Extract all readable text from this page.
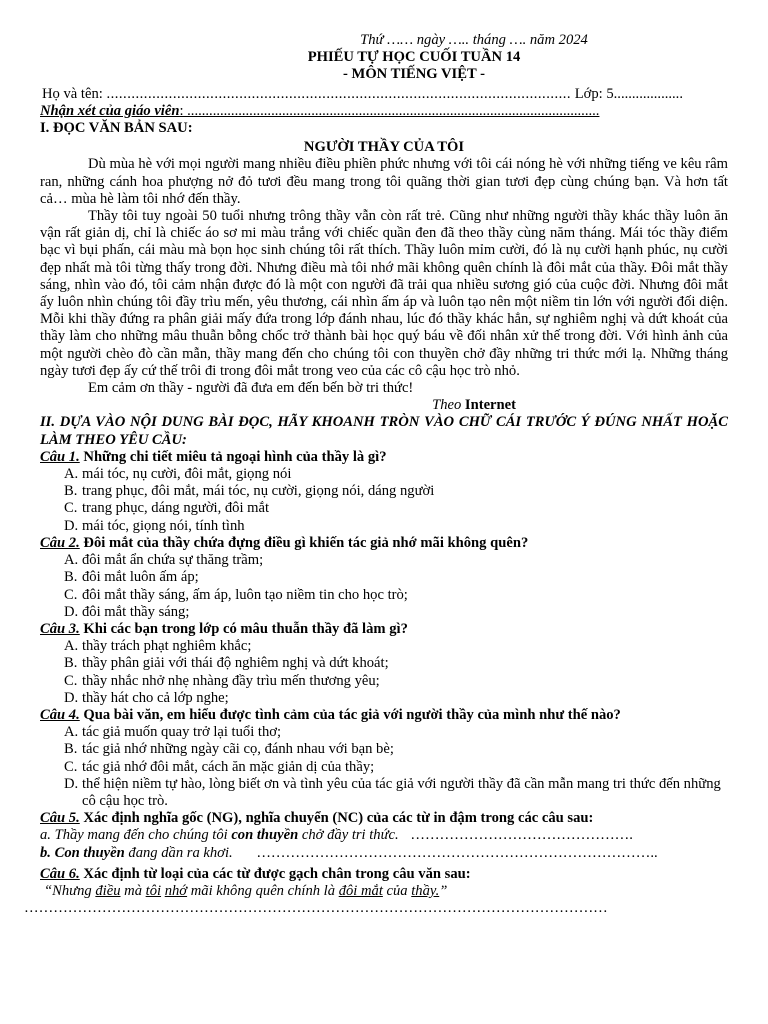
Thứ …… ngày ….. tháng …. năm 2024
PHIẾU TỰ HỌC CUỐI TUẦN 14
- MÔN TIẾNG VIỆT -
Họ và tên: ................................................................................................................ Lớp: 5...................
Nhận xét của giáo viên: .................................................................................................................
I. ĐỌC VĂN BẢN SAU:
NGƯỜI THẦY CỦA TÔI

Dù mùa hè với mọi người mang nhiều điều phiền phức nhưng với tôi cái nóng hè với những tiếng ve kêu râm ran, những cánh hoa phượng nở đỏ tươi đều mang trong tôi quãng thời gian tươi đẹp cùng chúng bạn. Và hơn tất cả… mùa hè làm tôi nhớ đến thầy.

Thầy tôi tuy ngoài 50 tuổi nhưng trông thầy vẫn còn rất trẻ. Cũng như những người thầy khác thầy luôn ăn vận rất giản dị, chỉ là chiếc áo sơ mi màu trắng với chiếc quần đen đã theo thầy cùng năm tháng. Mái tóc thầy điểm bạc vì bụi phấn, cái màu mà bọn học sinh chúng tôi rất thích. Thầy luôn mỉm cười, đó là nụ cười hạnh phúc, nụ cười đẹp nhất mà tôi từng thấy trong đời. Nhưng điều mà tôi nhớ mãi không quên chính là đôi mắt của thầy. Đôi mắt thầy sáng, nhìn vào đó, tôi cảm nhận được đó là một con người đã trải qua nhiều sương gió của cuộc đời. Nhưng đôi mắt ấy luôn nhìn chúng tôi đầy trìu mến, yêu thương, cái nhìn ấm áp và luôn tạo nên một niềm tin lớn với người đối diện. Mỗi khi thầy đứng ra phân giải mấy đứa trong lớp đánh nhau, lúc đó thầy khác hẳn, sự nghiêm nghị và dứt khoát của thầy làm cho những mâu thuẫn bỗng chốc trở thành bài học quý báu về đối nhân xử thế trong đời. Với hình ảnh của một người chèo đò cần mẫn, thầy mang đến cho chúng tôi con thuyền chở đầy những tri thức mới lạ. Những tháng ngày tươi đẹp ấy cứ thế trôi đi trong đôi mắt trong veo của các cô cậu học trò nhỏ.

Em cảm ơn thầy - người đã đưa em đến bến bờ tri thức!
Theo Internet
II. DỰA VÀO NỘI DUNG BÀI ĐỌC, HÃY KHOANH TRÒN VÀO CHỮ CÁI TRƯỚC Ý ĐÚNG NHẤT HOẶC LÀM THEO YÊU CẦU:

Câu 1. Những chi tiết miêu tả ngoại hình của thầy là gì?

A. mái tóc, nụ cười, đôi mắt, giọng nói
B. trang phục, đôi mắt, mái tóc, nụ cười, giọng nói, dáng người
C. trang phục, dáng người, đôi mắt
D. mái tóc, giọng nói, tính tình

Câu 2. Đôi mắt của thầy chứa đựng điều gì khiến tác giả nhớ mãi không quên?

A. đôi mắt ẩn chứa sự thăng trầm;
B. đôi mắt luôn ấm áp;
C. đôi mắt thầy sáng, ấm áp, luôn tạo niềm tin cho học trò;
D. đôi mắt thầy sáng;

Câu 3. Khi các bạn trong lớp có mâu thuẫn thầy đã làm gì?

A. thầy trách phạt nghiêm khắc;
B. thầy phân giải với thái độ nghiêm nghị và dứt khoát;
C. thầy nhắc nhở nhẹ nhàng đầy trìu mến thương yêu;
D. thầy hát cho cả lớp nghe;

Câu 4. Qua bài văn, em hiểu được tình cảm của tác giả với người thầy của mình như thế nào?

A. tác giả muốn quay trở lại tuổi thơ;
B. tác giả nhớ những ngày cãi cọ, đánh nhau với bạn bè;
C. tác giả nhớ đôi mắt, cách ăn mặc giản dị của thầy;
D. thể hiện niềm tự hào, lòng biết ơn và tình yêu của tác giả với người thầy đã cần mẫn mang tri thức đến những cô cậu học trò.

Câu 5. Xác định nghĩa gốc (NG), nghĩa chuyển (NC) của các từ in đậm trong các câu sau:

a. Thầy mang đến cho chúng tôi con thuyền chở đầy tri thức. ……………………………………….
b. Con thuyền đang dần ra khơi. ………………………………………………………………………..

Câu 6. Xác định từ loại của các từ được gạch chân trong câu văn sau:

“Nhưng điều mà tôi nhớ mãi không quên chính là đôi mắt của thầy.”
…………………………………………………………………………………………………………
